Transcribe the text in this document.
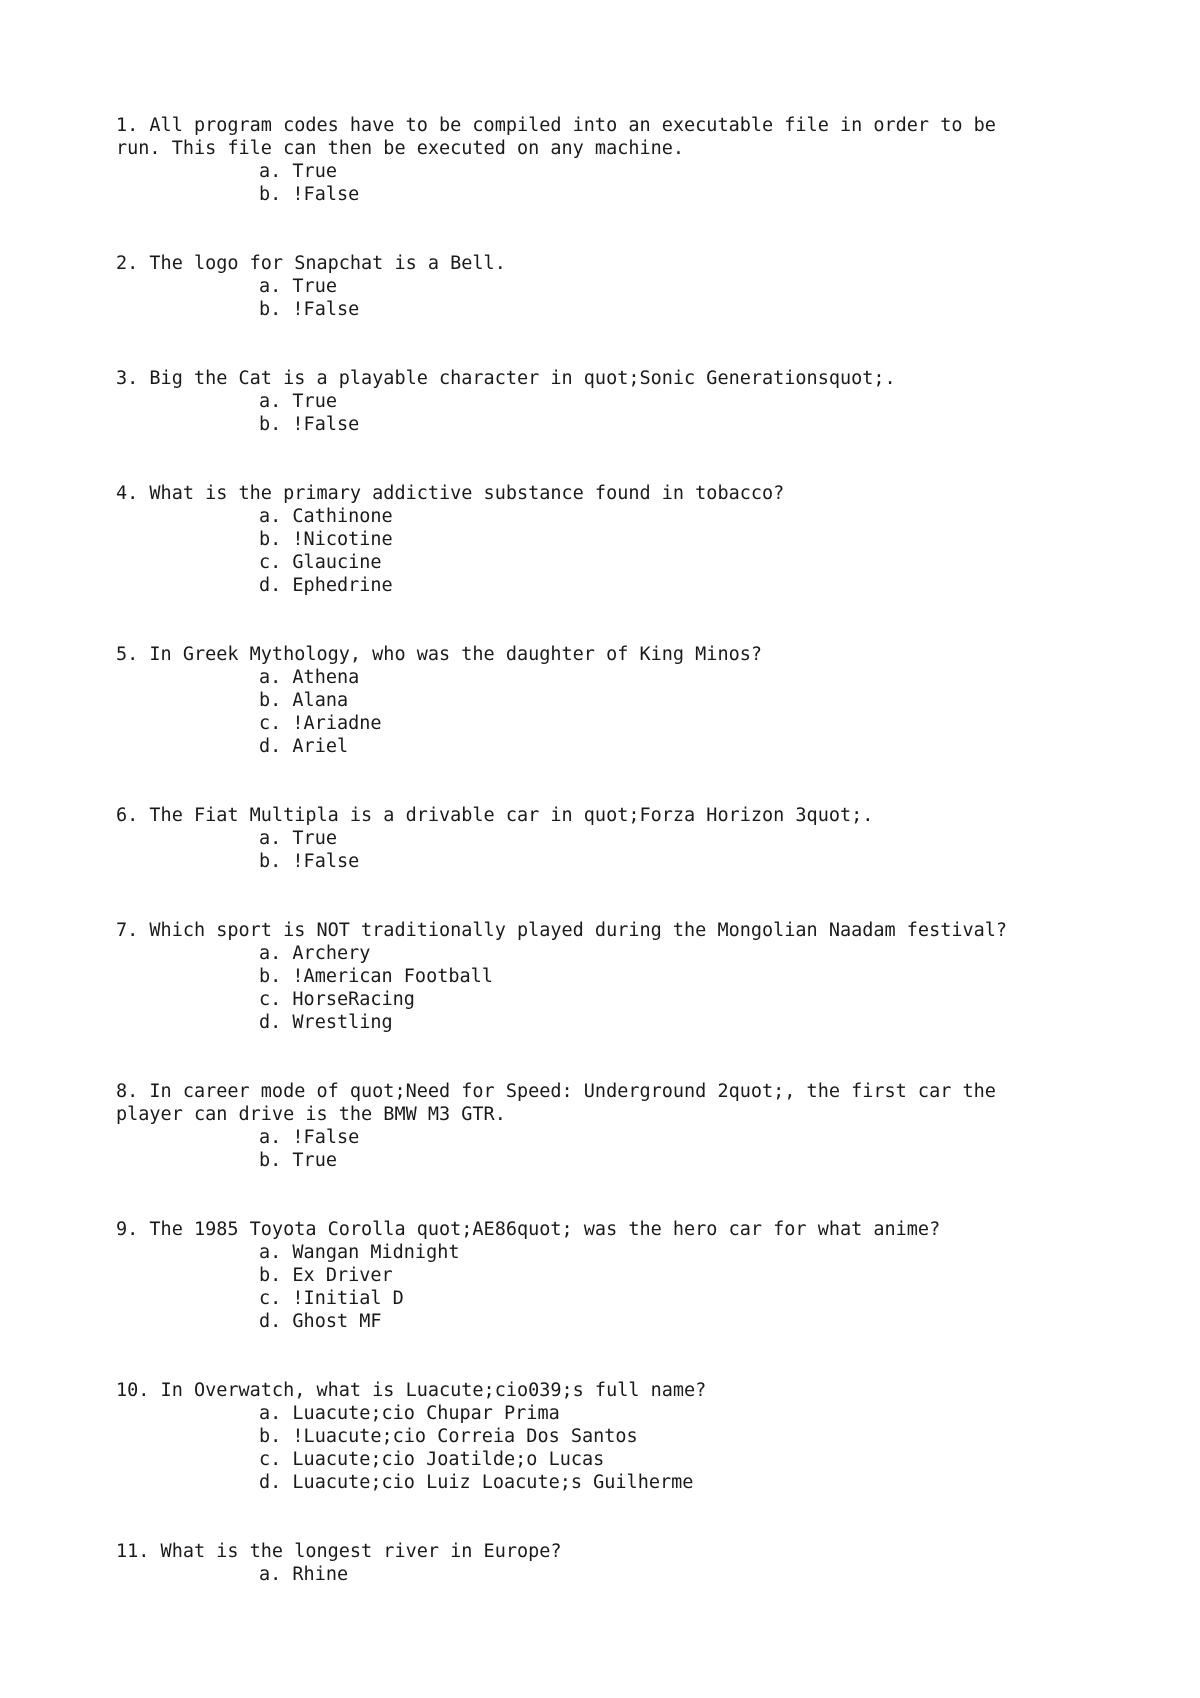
1. All program codes have to be compiled into an executable file in order to be
run. This file can then be executed on any machine.

a. True
b. !False

2. The logo for Snapchat is a Bell.

a. True
b. !False

3. Big the Cat is a playable character in quot;Sonic Generationsquot;.

a. True
b. !False

4. What is the primary addictive substance found in tobacco?

a. Cathinone
b. !Nicotine
c. Glaucine
d. Ephedrine

5. In Greek Mythology, who was the daughter of King Minos?

a. Athena
b. Alana
c. !Ariadne
d. Ariel

6. The Fiat Multipla is a drivable car in quot;Forza Horizon 3quot;.

a. True
b. !False

7. Which sport is NOT traditionally played during the Mongolian Naadam festival?

a. Archery
b. !American Football
c. HorseRacing
d. Wrestling

8. In career mode of quot;Need for Speed: Underground 2quot;, the first car the
player can drive is the BMW M3 GTR.

a. !False
b. True

9. The 1985 Toyota Corolla quot;AE86quot; was the hero car for what anime?

a. Wangan Midnight
b. Ex Driver
c. !Initial D
d. Ghost MF

10. In Overwatch, what is Luacute;cio039;s full name?

a. Luacute;cio Chupar Prima
b. !Luacute;cio Correia Dos Santos
c. Luacute;cio Joatilde;o Lucas
d. Luacute;cio Luiz Loacute;s Guilherme

11. What is the longest river in Europe?

a. Rhine
